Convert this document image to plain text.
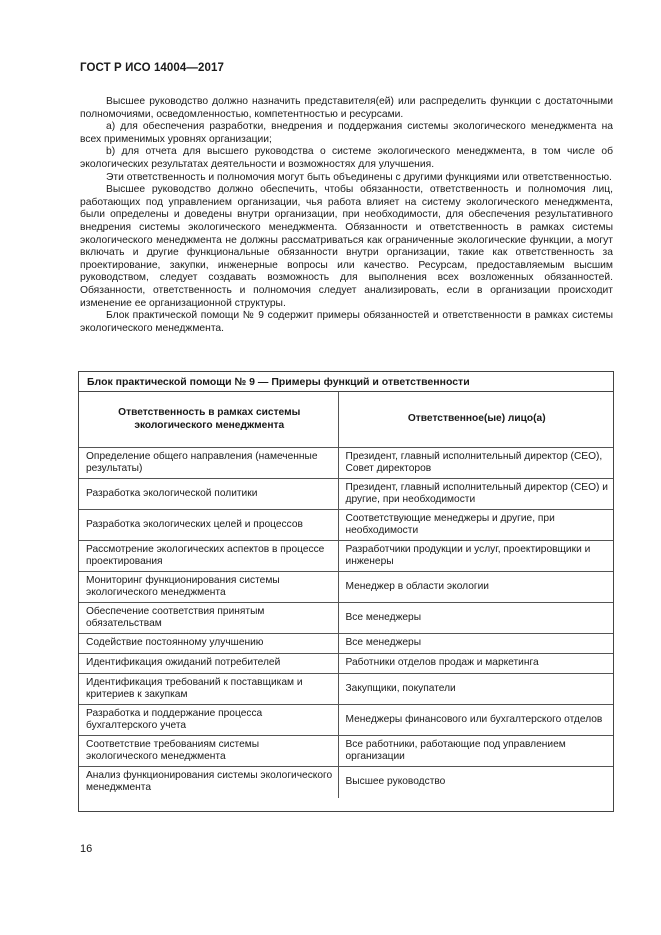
ГОСТ Р ИСО 14004—2017

Высшее руководство должно назначить представителя(ей) или распределить функции с достаточными полномочиями, осведомленностью, компетентностью и ресурсами.

a) для обеспечения разработки, внедрения и поддержания системы экологического менеджмента на всех применимых уровнях организации;

b) для отчета для высшего руководства о системе экологического менеджмента, в том числе об экологических результатах деятельности и возможностях для улучшения.

Эти ответственность и полномочия могут быть объединены с другими функциями или ответственностью.

Высшее руководство должно обеспечить, чтобы обязанности, ответственность и полномочия лиц, работающих под управлением организации, чья работа влияет на систему экологического менеджмента, были определены и доведены внутри организации, при необходимости, для обеспечения результативного внедрения системы экологического менеджмента. Обязанности и ответственность в рамках системы экологического менеджмента не должны рассматриваться как ограниченные экологические функции, а могут включать и другие функциональные обязанности внутри организации, такие как ответственность за проектирование, закупки, инженерные вопросы или качество. Ресурсам, предоставляемым высшим руководством, следует создавать возможность для выполнения всех возложенных обязанностей. Обязанности, ответственность и полномочия следует анализировать, если в организации происходит изменение ее организационной структуры.

Блок практической помощи № 9 содержит примеры обязанностей и ответственности в рамках системы экологического менеджмента.

Блок практической помощи № 9 — Примеры функций и ответственности
Ответственность в рамках системы экологического менеджмента	Ответственное(ые) лицо(а)
Определение общего направления (намеченные результаты)	Президент, главный исполнительный директор (CEO), Совет директоров
Разработка экологической политики	Президент, главный исполнительный директор (CEO) и другие, при необходимости
Разработка экологических целей и процессов	Соответствующие менеджеры и другие, при необходимости
Рассмотрение экологических аспектов в процессе проектирования	Разработчики продукции и услуг, проектировщики и инженеры
Мониторинг функционирования системы экологического менеджмента	Менеджер в области экологии
Обеспечение соответствия принятым обязательствам	Все менеджеры
Содействие постоянному улучшению	Все менеджеры
Идентификация ожиданий потребителей	Работники отделов продаж и маркетинга
Идентификация требований к поставщикам и критериев к закупкам	Закупщики, покупатели
Разработка и поддержание процесса бухгалтерского учета	Менеджеры финансового или бухгалтерского отделов
Соответствие требованиям системы экологического менеджмента	Все работники, работающие под управлением организации
Анализ функционирования системы экологического менеджмента	Высшее руководство
16
